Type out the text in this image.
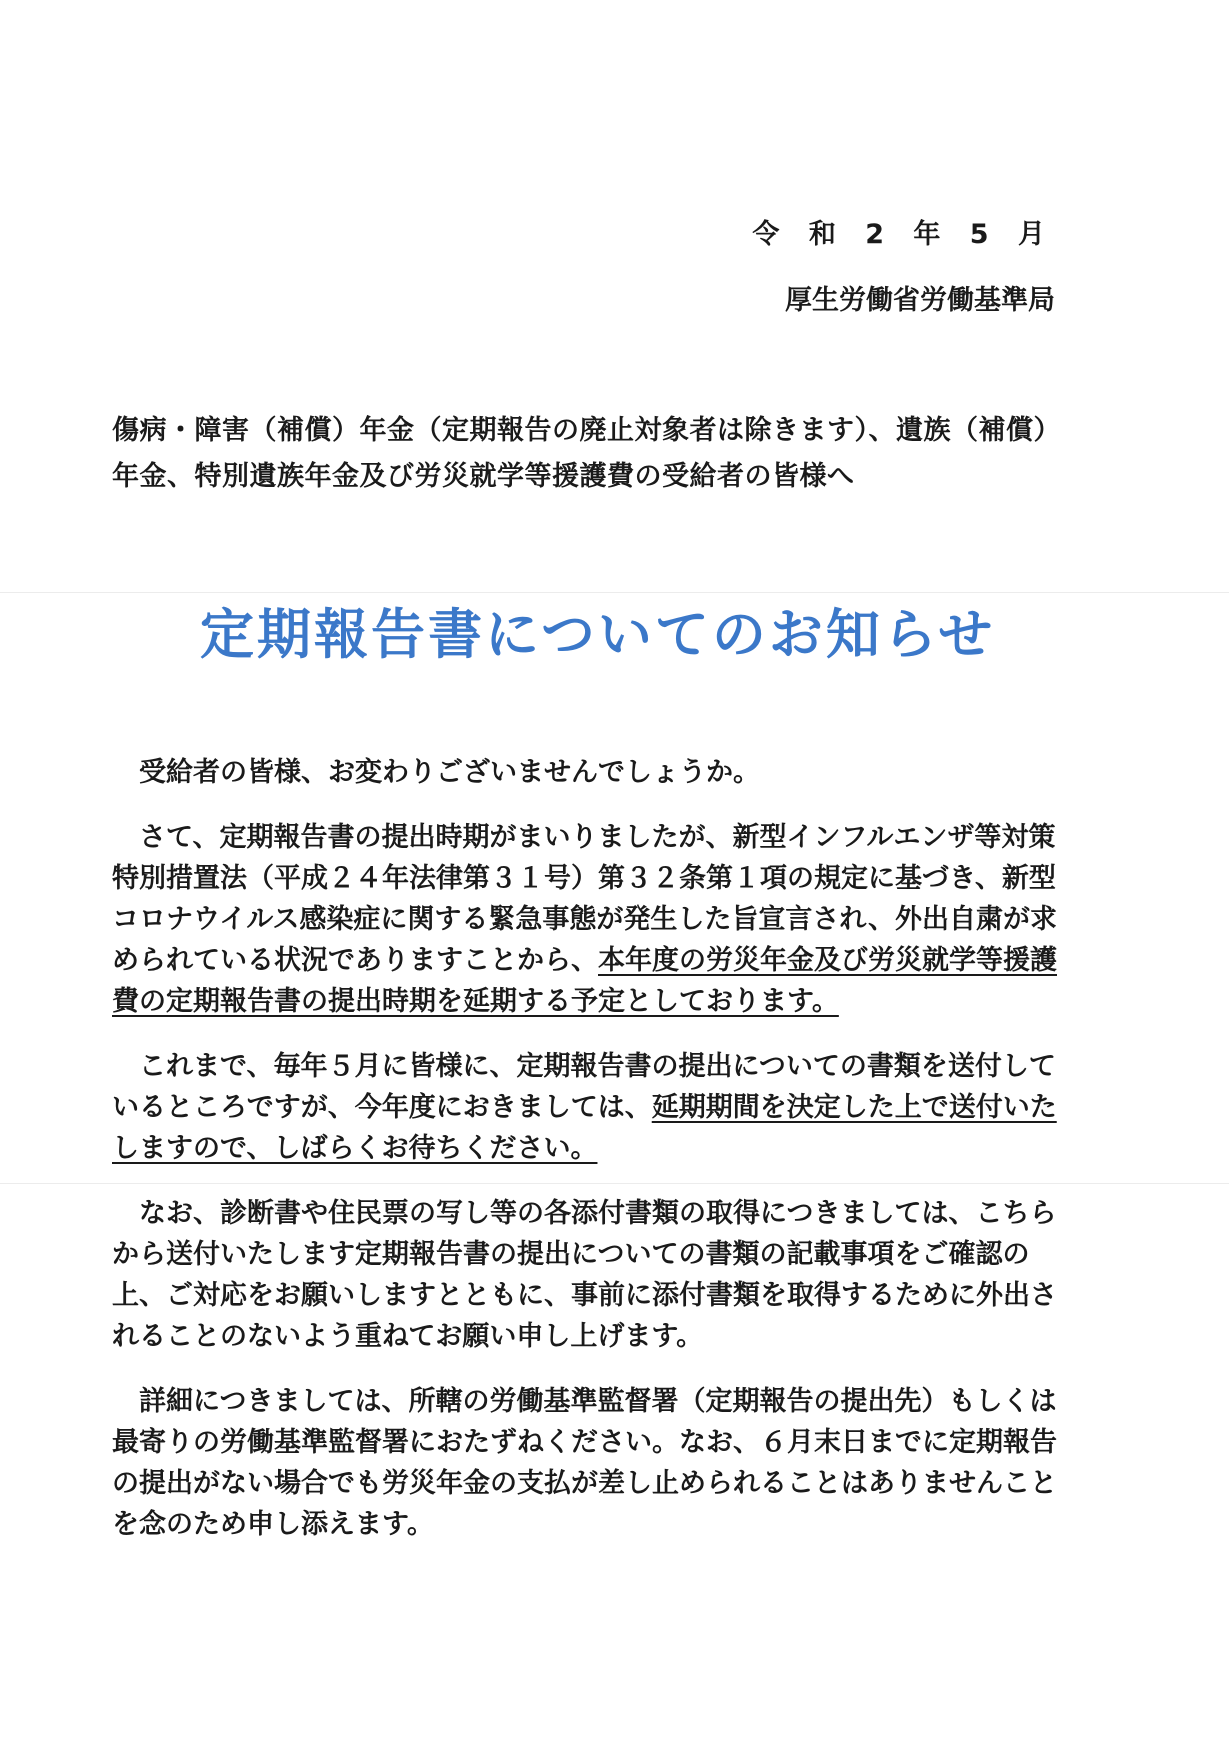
令 和 2 年 5 月
厚生労働省労働基準局
傷病・障害（補償）年金（定期報告の廃止対象者は除きます）、遺族（補償）年金、特別遺族年金及び労災就学等援護費の受給者の皆様へ
定期報告書についてのお知らせ

受給者の皆様、お変わりございませんでしょうか。

さて、定期報告書の提出時期がまいりましたが、新型インフルエンザ等対策特別措置法（平成２４年法律第３１号）第３２条第１項の規定に基づき、新型コロナウイルス感染症に関する緊急事態が発生した旨宣言され、外出自粛が求められている状況でありますことから、本年度の労災年金及び労災就学等援護費の定期報告書の提出時期を延期する予定としております。

これまで、毎年５月に皆様に、定期報告書の提出についての書類を送付しているところですが、今年度におきましては、延期期間を決定した上で送付いたしますので、しばらくお待ちください。

なお、診断書や住民票の写し等の各添付書類の取得につきましては、こちらから送付いたします定期報告書の提出についての書類の記載事項をご確認の上、ご対応をお願いしますとともに、事前に添付書類を取得するために外出されることのないよう重ねてお願い申し上げます。

詳細につきましては、所轄の労働基準監督署（定期報告の提出先）もしくは最寄りの労働基準監督署におたずねください。なお、６月末日までに定期報告の提出がない場合でも労災年金の支払が差し止められることはありませんことを念のため申し添えます。
